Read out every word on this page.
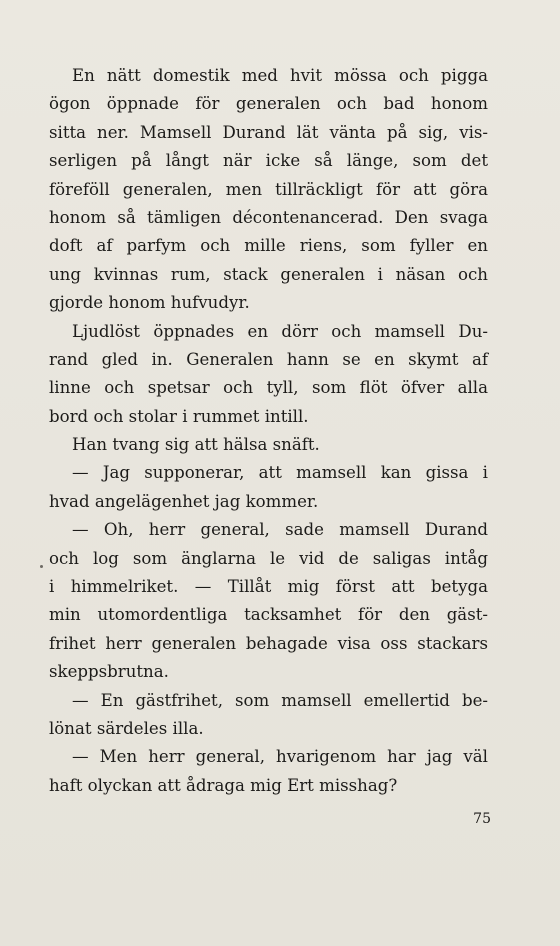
En nätt domestik med hvit mössa och pigga
ögon öppnade för generalen och bad honom
sitta ner. Mamsell Durand lät vänta på sig, vis-
serligen på långt när icke så länge, som det
föreföll generalen, men tillräckligt för att göra
honom så tämligen décontenancerad. Den svaga
doft af parfym och mille riens, som fyller en
ung kvinnas rum, stack generalen i näsan och
gjorde honom hufvudyr.
Ljudlöst öppnades en dörr och mamsell Du-
rand gled in. Generalen hann se en skymt af
linne och spetsar och tyll, som flöt öfver alla
bord och stolar i rummet intill.
Han tvang sig att hälsa snäft.
— Jag supponerar, att mamsell kan gissa i
hvad angelägenhet jag kommer.
— Oh, herr general, sade mamsell Durand
och log som änglarna le vid de saligas intåg
i himmelriket. — Tillåt mig först att betyga
min utomordentliga tacksamhet för den gäst-
frihet herr generalen behagade visa oss stackars
skeppsbrutna.
— En gästfrihet, som mamsell emellertid be-
lönat särdeles illa.
— Men herr general, hvarigenom har jag väl
haft olyckan att ådraga mig Ert misshag?
75
